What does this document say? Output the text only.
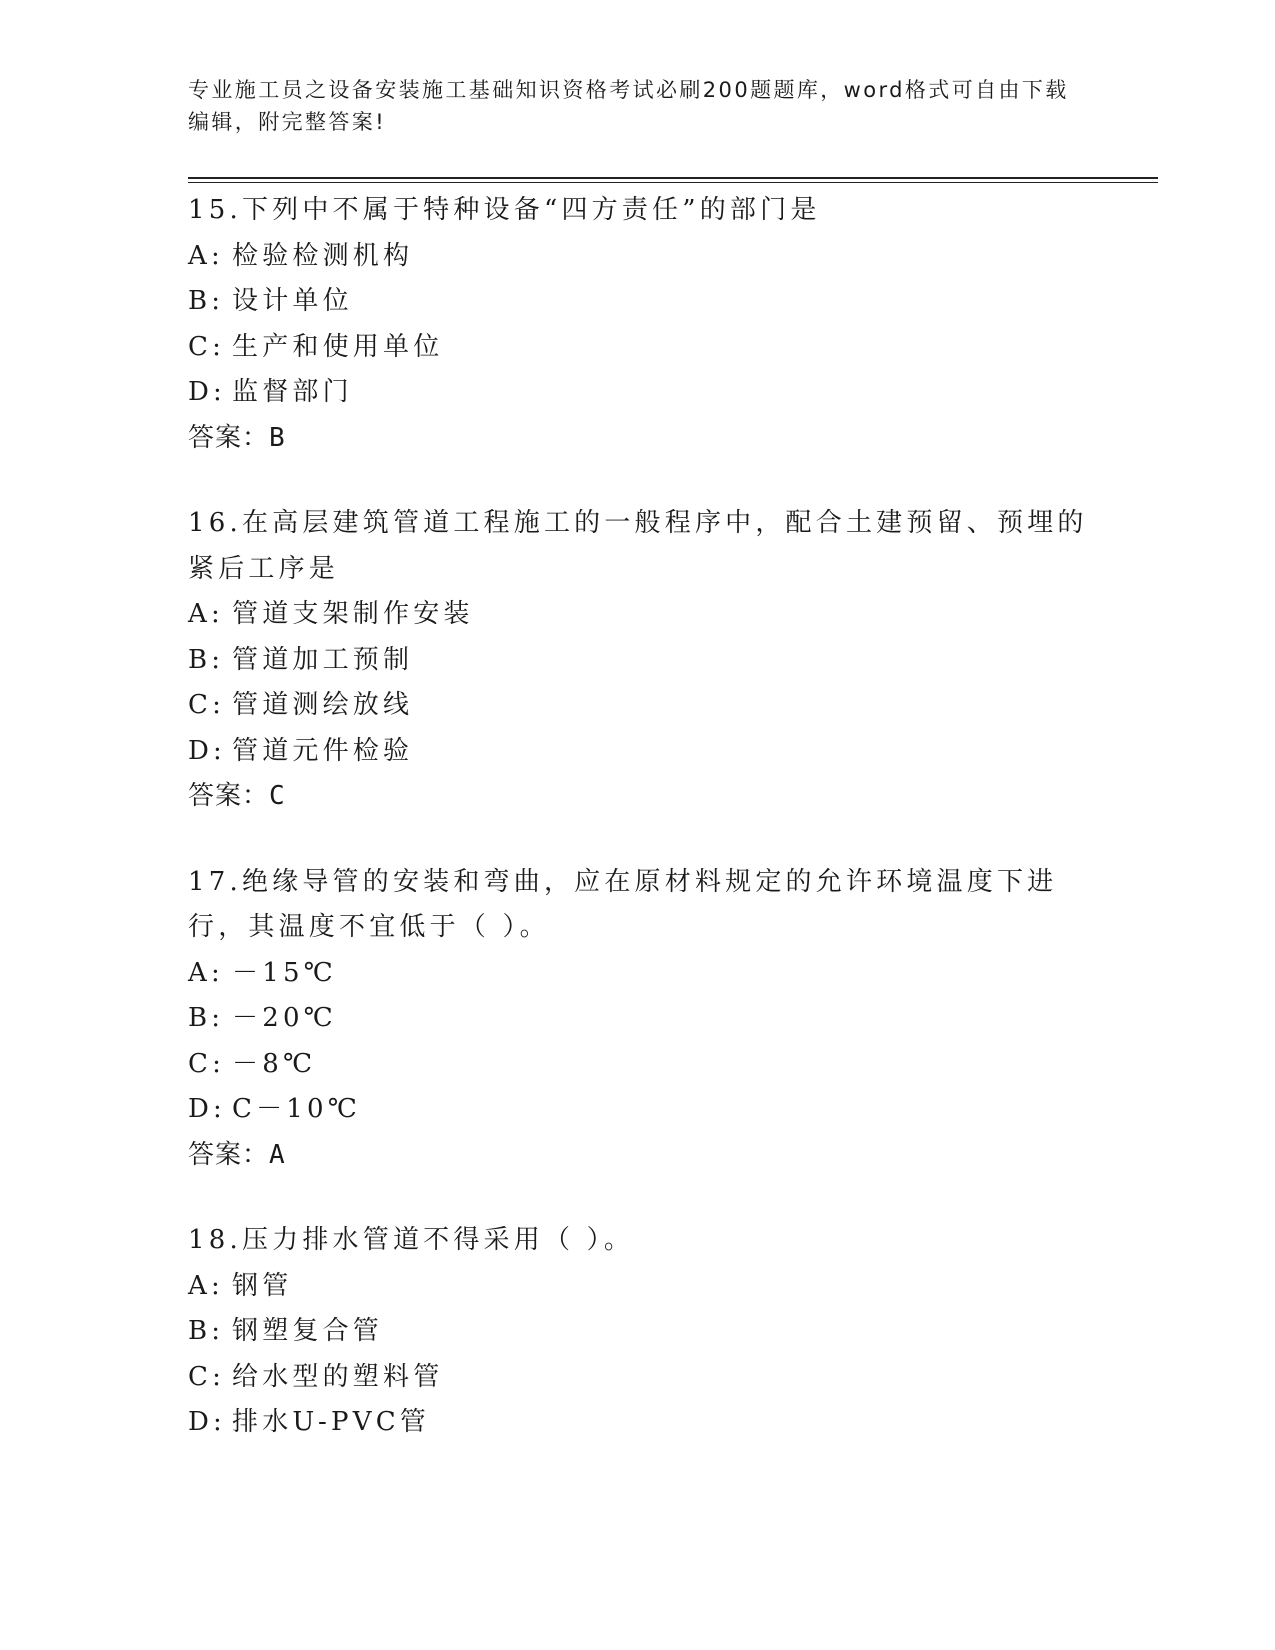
专业施工员之设备安装施工基础知识资格考试必刷200题题库，word格式可自由下载编辑，附完整答案!
15.下列中不属于特种设备“四方责任”的部门是
A: 检验检测机构
B: 设计单位
C: 生产和使用单位
D: 监督部门
答案：B
16.在高层建筑管道工程施工的一般程序中，配合土建预留、预埋的紧后工序是
A: 管道支架制作安装
B: 管道加工预制
C: 管道测绘放线
D: 管道元件检验
答案：C
17.绝缘导管的安装和弯曲，应在原材料规定的允许环境温度下进行，其温度不宜低于（ ）。
A: －15℃
B: －20℃
C: －8℃
D: C－10℃
答案：A
18.压力排水管道不得采用（ ）。
A: 钢管
B: 钢塑复合管
C: 给水型的塑料管
D: 排水U-PVC管
